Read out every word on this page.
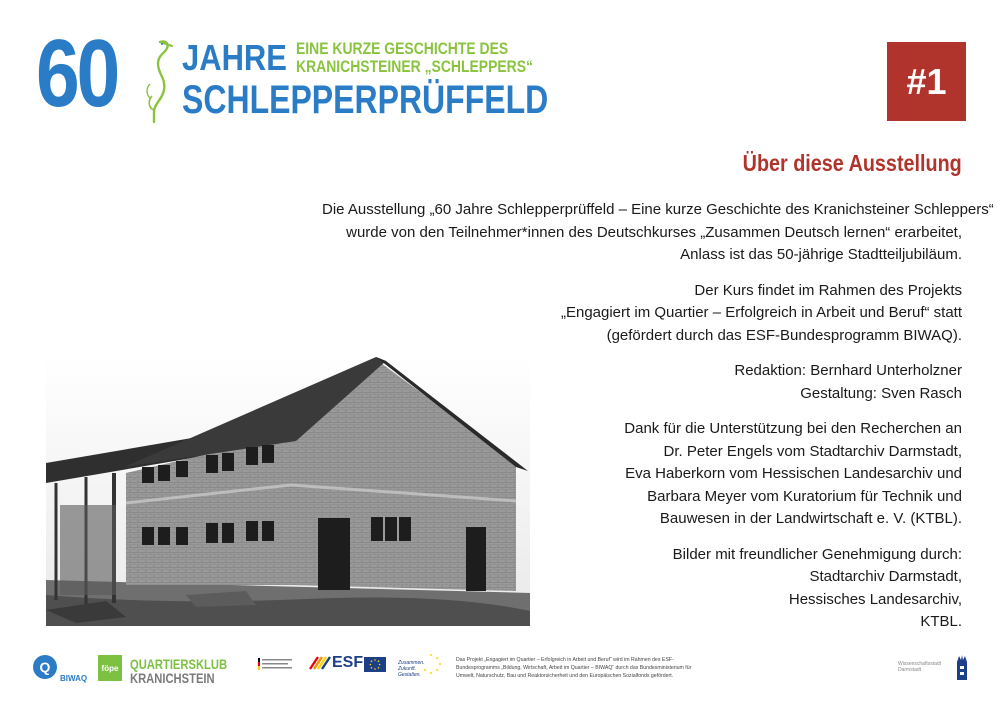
60 JAHRE EINE KURZE GESCHICHTE DES
KRANICHSTEINER „SCHLEPPERS“
SCHLEPPERPRÜFFELD	#1
Über diese Ausstellung
Die Ausstellung „60 Jahre Schlepperprüffeld – Eine kurze Geschichte des Kranichsteiner Schleppers“
wurde von den Teilnehmer*innen des Deutschkurses „Zusammen Deutsch lernen“ erarbeitet,
Anlass ist das 50-jährige Stadtteiljubiläum.
Der Kurs findet im Rahmen des Projekts
„Engagiert im Quartier – Erfolgreich in Arbeit und Beruf“ statt
(gefördert durch das ESF-Bundesprogramm BIWAQ).
Redaktion: Bernhard Unterholzner
Gestaltung: Sven Rasch
Dank für die Unterstützung bei den Recherchen an
Dr. Peter Engels vom Stadtarchiv Darmstadt,
Eva Haberkorn vom Hessischen Landesarchiv und
Barbara Meyer vom Kuratorium für Technik und
Bauwesen in der Landwirtschaft e. V. (KTBL).
Bilder mit freundlicher Genehmigung durch:
Stadtarchiv Darmstadt,
Hessisches Landesarchiv,
KTBL.
Q
BIWAQ
föpe QUARTIERSKLUB
KRANICHSTEIN
ESF	Zusammen. Zukunft. Gestalten.
Das Projekt „Engagiert im Quartier – Erfolgreich in Arbeit und Beruf“ wird im Rahmen des ESF-Bundesprogramms „Bildung, Wirtschaft, Arbeit im Quartier – BIWAQ“ durch das Bundesministerium für Umwelt, Naturschutz, Bau und Reaktorsicherheit und den Europäischen Sozialfonds gefördert.
Wissenschaftsstadt Darmstadt
